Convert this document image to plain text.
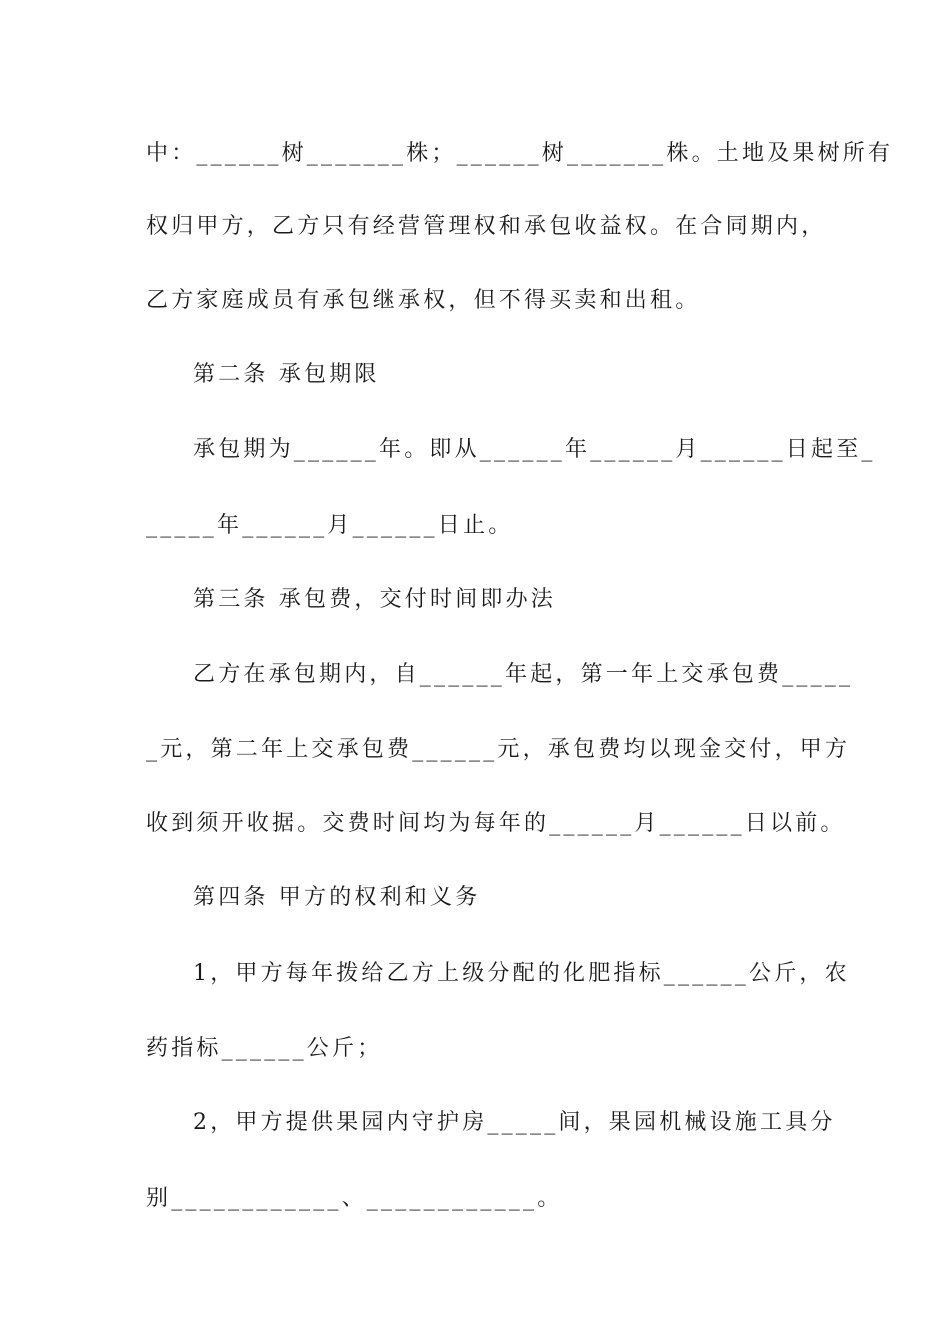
中：______树_______株；______树_______株。土地及果树所有
权归甲方，乙方只有经营管理权和承包收益权。在合同期内，
乙方家庭成员有承包继承权，但不得买卖和出租。
第二条 承包期限
承包期为______年。即从______年______月______日起至_
_____年______月______日止。
第三条 承包费，交付时间即办法
乙方在承包期内，自______年起，第一年上交承包费_____
_元，第二年上交承包费______元，承包费均以现金交付，甲方
收到须开收据。交费时间均为每年的______月______日以前。
第四条 甲方的权利和义务
1，甲方每年拨给乙方上级分配的化肥指标______公斤，农
药指标______公斤；
2，甲方提供果园内守护房_____间，果园机械设施工具分
别____________、____________。
